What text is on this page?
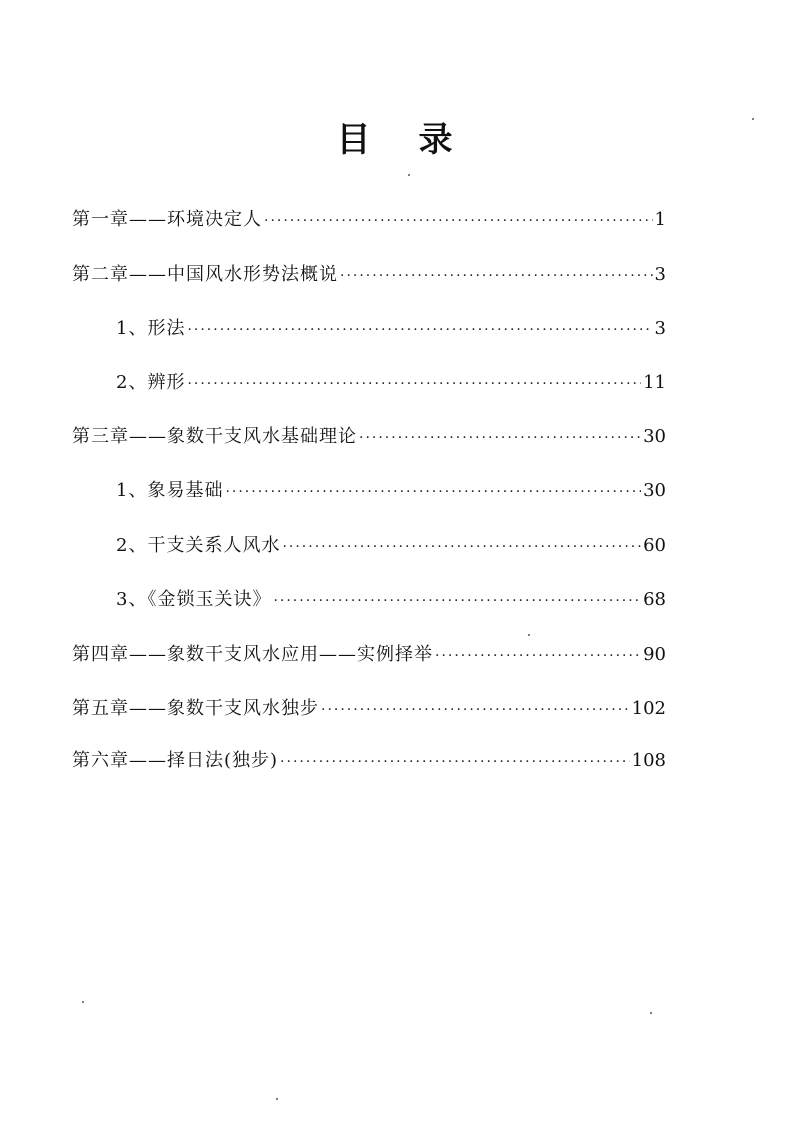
目 录
第一章——环境决定人 ·····	1
第二章——中国风水形势法概说 ·····	3
1、形法 ·····	3
2、辨形 ·····	11
第三章——象数干支风水基础理论 ·····	30
1、象易基础 ·····	30
2、干支关系人风水 ·····	60
3、《金锁玉关诀》 ·····	68
第四章——象数干支风水应用——实例择举 ·····	90
第五章——象数干支风水独步 ·····	102
第六章——择日法(独步) ·····	108
